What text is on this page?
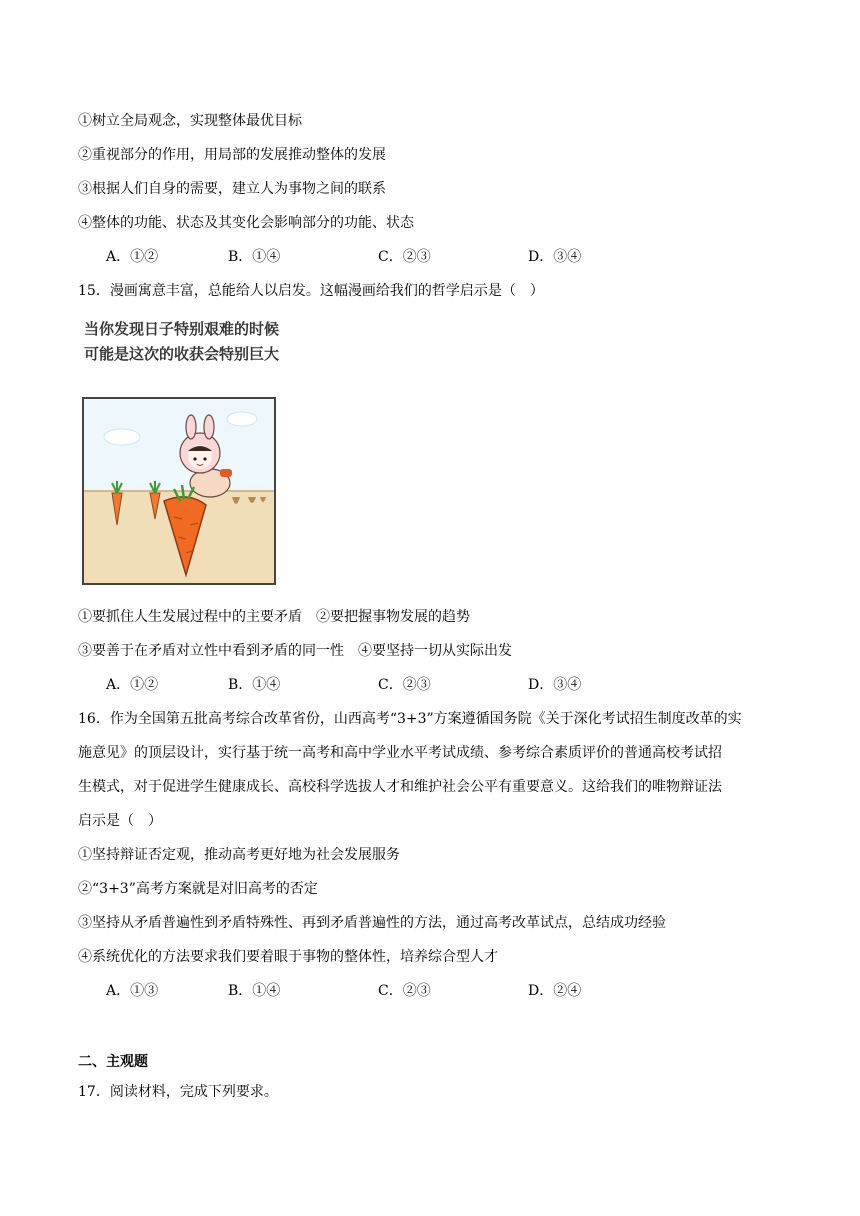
①树立全局观念，实现整体最优目标
②重视部分的作用，用局部的发展推动整体的发展
③根据人们自身的需要，建立人为事物之间的联系
④整体的功能、状态及其变化会影响部分的功能、状态
A．①②	B．①④	C．②③	D．③④
15．漫画寓意丰富，总能给人以启发。这幅漫画给我们的哲学启示是（　）
当你发现日子特别艰难的时候
可能是这次的收获会特别巨大
①要抓住人生发展过程中的主要矛盾　②要把握事物发展的趋势
③要善于在矛盾对立性中看到矛盾的同一性　④要坚持一切从实际出发
A．①②	B．①④	C．②③	D．③④
16．作为全国第五批高考综合改革省份，山西高考“3+3”方案遵循国务院《关于深化考试招生制度改革的实
施意见》的顶层设计，实行基于统一高考和高中学业水平考试成绩、参考综合素质评价的普通高校考试招
生模式，对于促进学生健康成长、高校科学选拔人才和维护社会公平有重要意义。这给我们的唯物辩证法
启示是（　）
①坚持辩证否定观，推动高考更好地为社会发展服务
②“3+3”高考方案就是对旧高考的否定
③坚持从矛盾普遍性到矛盾特殊性、再到矛盾普遍性的方法，通过高考改革试点，总结成功经验
④系统优化的方法要求我们要着眼于事物的整体性，培养综合型人才
A．①③	B．①④	C．②③	D．②④
二、主观题
17．阅读材料，完成下列要求。
